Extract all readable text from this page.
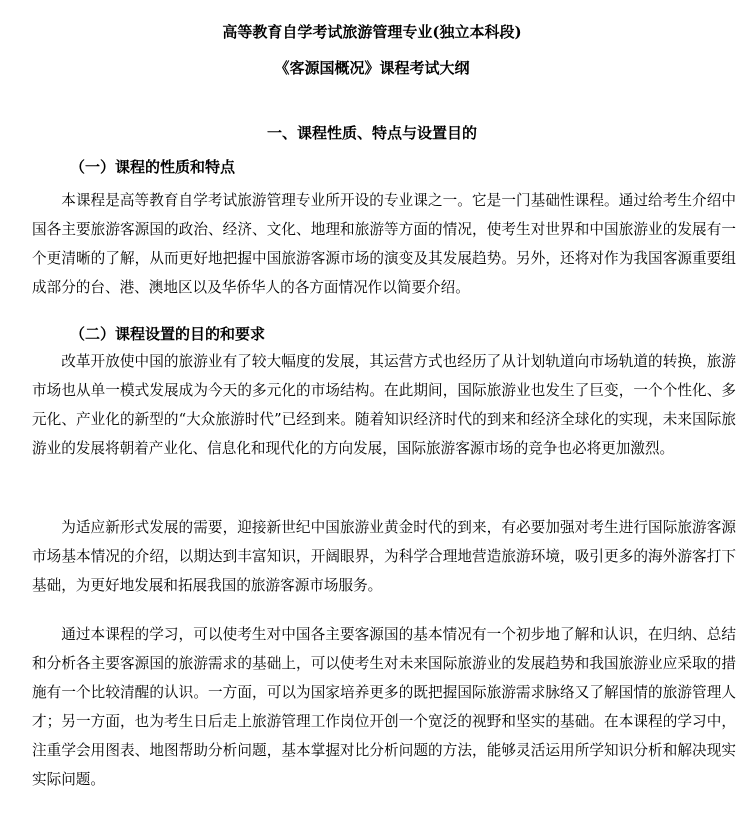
高等教育自学考试旅游管理专业(独立本科段)
《客源国概况》课程考试大纲
一、课程性质、特点与设置目的
（一）课程的性质和特点

本课程是高等教育自学考试旅游管理专业所开设的专业课之一。它是一门基础性课程。通过给考生介绍中国各主要旅游客源国的政治、经济、文化、地理和旅游等方面的情况，使考生对世界和中国旅游业的发展有一个更清晰的了解，从而更好地把握中国旅游客源市场的演变及其发展趋势。另外，还将对作为我国客源重要组成部分的台、港、澳地区以及华侨华人的各方面情况作以简要介绍。

（二）课程设置的目的和要求

改革开放使中国的旅游业有了较大幅度的发展，其运营方式也经历了从计划轨道向市场轨道的转换，旅游市场也从单一模式发展成为今天的多元化的市场结构。在此期间，国际旅游业也发生了巨变，一个个性化、多元化、产业化的新型的“大众旅游时代”已经到来。随着知识经济时代的到来和经济全球化的实现，未来国际旅游业的发展将朝着产业化、信息化和现代化的方向发展，国际旅游客源市场的竞争也必将更加激烈。

为适应新形式发展的需要，迎接新世纪中国旅游业黄金时代的到来，有必要加强对考生进行国际旅游客源市场基本情况的介绍，以期达到丰富知识，开阔眼界，为科学合理地营造旅游环境，吸引更多的海外游客打下基础，为更好地发展和拓展我国的旅游客源市场服务。

通过本课程的学习，可以使考生对中国各主要客源国的基本情况有一个初步地了解和认识，在归纳、总结和分析各主要客源国的旅游需求的基础上，可以使考生对未来国际旅游业的发展趋势和我国旅游业应采取的措施有一个比较清醒的认识。一方面，可以为国家培养更多的既把握国际旅游需求脉络又了解国情的旅游管理人才；另一方面，也为考生日后走上旅游管理工作岗位开创一个宽泛的视野和坚实的基础。在本课程的学习中，注重学会用图表、地图帮助分析问题，基本掌握对比分析问题的方法，能够灵活运用所学知识分析和解决现实实际问题。
